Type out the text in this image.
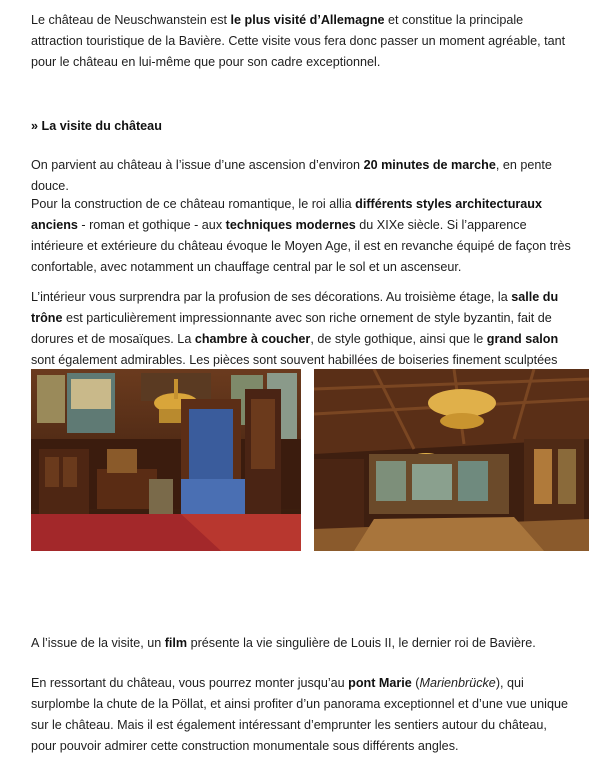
Le château de Neuschwanstein est le plus visité d’Allemagne et constitue la principale attraction touristique de la Bavière. Cette visite vous fera donc passer un moment agréable, tant pour le château en lui-même que pour son cadre exceptionnel.

» La visite du château

On parvient au château à l’issue d’une ascension d’environ 20 minutes de marche, en pente douce.

Pour la construction de ce château romantique, le roi allia différents styles architecturaux anciens - roman et gothique - aux techniques modernes du XIXe siècle. Si l’apparence intérieure et extérieure du château évoque le Moyen Age, il est en revanche équipé de façon très confortable, avec notamment un chauffage central par le sol et un ascenseur.

L’intérieur vous surprendra par la profusion de ses décorations. Au troisième étage, la salle du trône est particulièrement impressionnante avec son riche ornement de style byzantin, fait de dorures et de mosaïques. La chambre à coucher, de style gothique, ainsi que le grand salon sont également admirables. Les pièces sont souvent habillées de boiseries finement sculptées

A l’issue de la visite, un film présente la vie singulière de Louis II, le dernier roi de Bavière.

En ressortant du château, vous pourrez monter jusqu’au pont Marie (Marienbrücke), qui surplombe la chute de la Pöllat, et ainsi profiter d’un panorama exceptionnel et d’une vue unique sur le château. Mais il est également intéressant d’emprunter les sentiers autour du château, pour pouvoir admirer cette construction monumentale sous différents angles.
